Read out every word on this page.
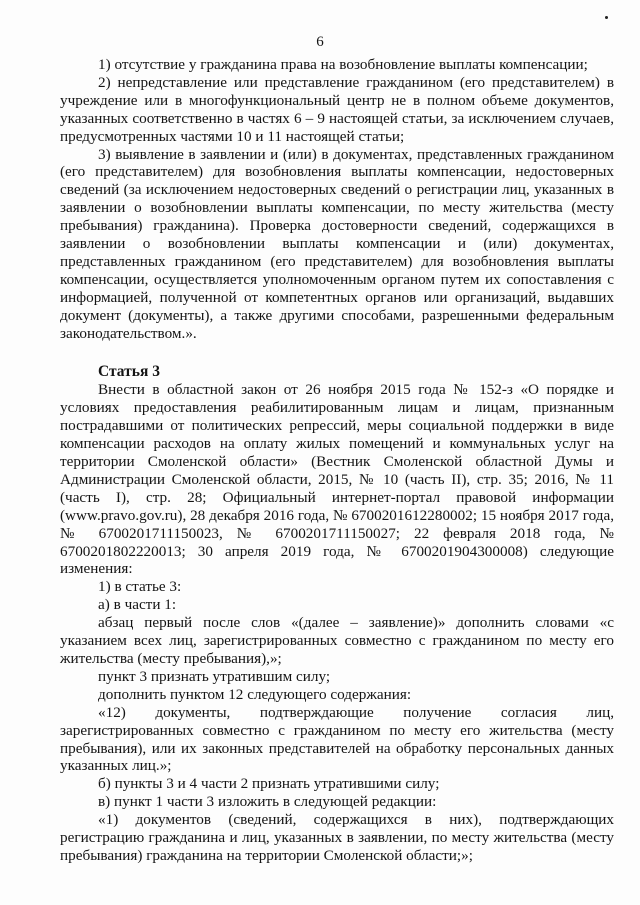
6

1) отсутствие у гражданина права на возобновление выплаты компенсации;

2) непредставление или представление гражданином (его представителем) в учреждение или в многофункциональный центр не в полном объеме документов, указанных соответственно в частях 6 – 9 настоящей статьи, за исключением случаев, предусмотренных частями 10 и 11 настоящей статьи;

3) выявление в заявлении и (или) в документах, представленных гражданином (его представителем) для возобновления выплаты компенсации, недостоверных сведений (за исключением недостоверных сведений о регистрации лиц, указанных в заявлении о возобновлении выплаты компенсации, по месту жительства (месту пребывания) гражданина). Проверка достоверности сведений, содержащихся в заявлении о возобновлении выплаты компенсации и (или) документах, представленных гражданином (его представителем) для возобновления выплаты компенсации, осуществляется уполномоченным органом путем их сопоставления с информацией, полученной от компетентных органов или организаций, выдавших документ (документы), а также другими способами, разрешенными федеральным законодательством.».

Статья 3

Внести в областной закон от 26 ноября 2015 года № 152-з «О порядке и условиях предоставления реабилитированным лицам и лицам, признанным пострадавшими от политических репрессий, меры социальной поддержки в виде компенсации расходов на оплату жилых помещений и коммунальных услуг на территории Смоленской области» (Вестник Смоленской областной Думы и Администрации Смоленской области, 2015, № 10 (часть II), стр. 35; 2016, № 11 (часть I), стр. 28; Официальный интернет-портал правовой информации (www.pravo.gov.ru), 28 декабря 2016 года, № 6700201612280002; 15 ноября 2017 года, № 6700201711150023, № 6700201711150027; 22 февраля 2018 года, № 6700201802220013; 30 апреля 2019 года, № 6700201904300008) следующие изменения:

1) в статье 3:

а) в части 1:

абзац первый после слов «(далее – заявление)» дополнить словами «с указанием всех лиц, зарегистрированных совместно с гражданином по месту его жительства (месту пребывания),»;

пункт 3 признать утратившим силу;

дополнить пунктом 12 следующего содержания:

«12) документы, подтверждающие получение согласия лиц, зарегистрированных совместно с гражданином по месту его жительства (месту пребывания), или их законных представителей на обработку персональных данных указанных лиц.»;

б) пункты 3 и 4 части 2 признать утратившими силу;

в) пункт 1 части 3 изложить в следующей редакции:

«1) документов (сведений, содержащихся в них), подтверждающих регистрацию гражданина и лиц, указанных в заявлении, по месту жительства (месту пребывания) гражданина на территории Смоленской области;»;
